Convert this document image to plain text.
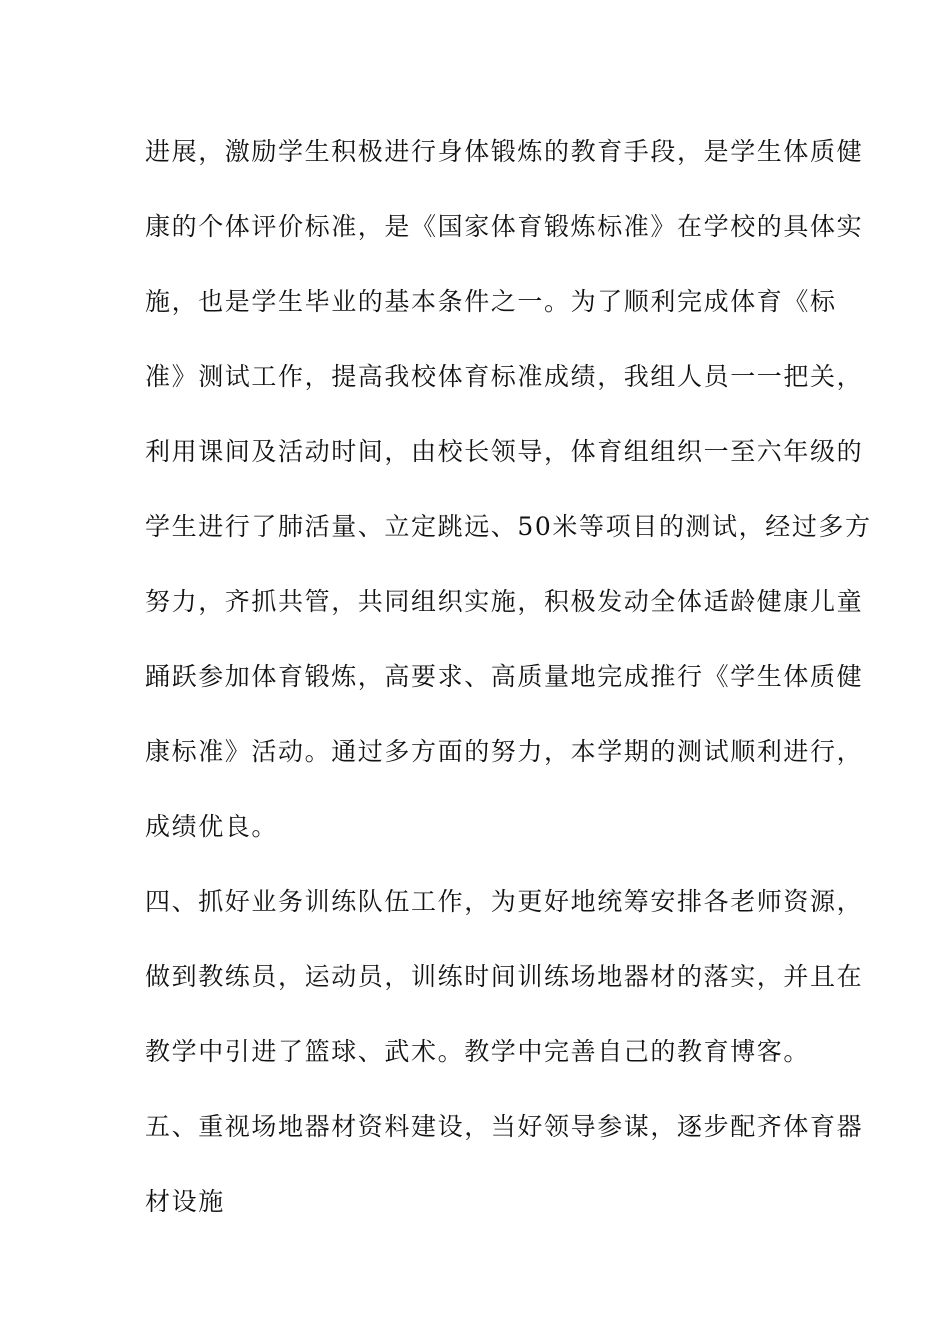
进展，激励学生积极进行身体锻炼的教育手段，是学生体质健
康的个体评价标准，是《国家体育锻炼标准》在学校的具体实
施，也是学生毕业的基本条件之一。为了顺利完成体育《标
准》测试工作，提高我校体育标准成绩，我组人员一一把关，
利用课间及活动时间，由校长领导，体育组组织一至六年级的
学生进行了肺活量、立定跳远、50米等项目的测试，经过多方
努力，齐抓共管，共同组织实施，积极发动全体适龄健康儿童
踊跃参加体育锻炼，高要求、高质量地完成推行《学生体质健
康标准》活动。通过多方面的努力，本学期的测试顺利进行，
成绩优良。
四、抓好业务训练队伍工作，为更好地统筹安排各老师资源，
做到教练员，运动员，训练时间训练场地器材的落实，并且在
教学中引进了篮球、武术。教学中完善自己的教育博客。
五、重视场地器材资料建设，当好领导参谋，逐步配齐体育器
材设施
